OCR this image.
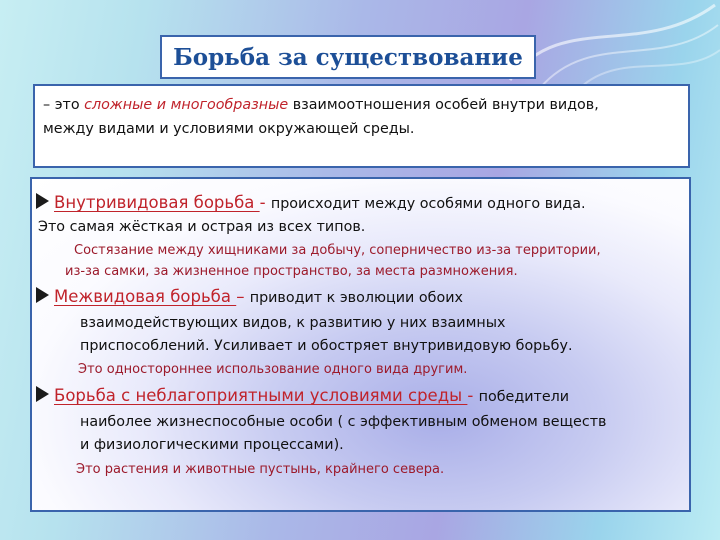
Борьба за существование
– это сложные и многообразные взаимоотношения особей внутри видов,
между видами и условиями окружающей среды.
Внутривидовая борьба - происходит между особями одного вида.
Это самая жёсткая и острая из всех типов.
Состязание между хищниками за добычу, соперничество из-за территории,
из-за самки, за жизненное пространство, за места размножения.
Межвидовая борьба – приводит к эволюции обоих
взаимодействующих видов, к развитию у них взаимных
приспособлений. Усиливает и обостряет внутривидовую борьбу.
Это одностороннее использование одного вида другим.
Борьба с неблагоприятными условиями среды - победители
наиболее жизнеспособные особи ( с эффективным обменом веществ
и физиологическими процессами).
Это растения и животные пустынь, крайнего севера.
